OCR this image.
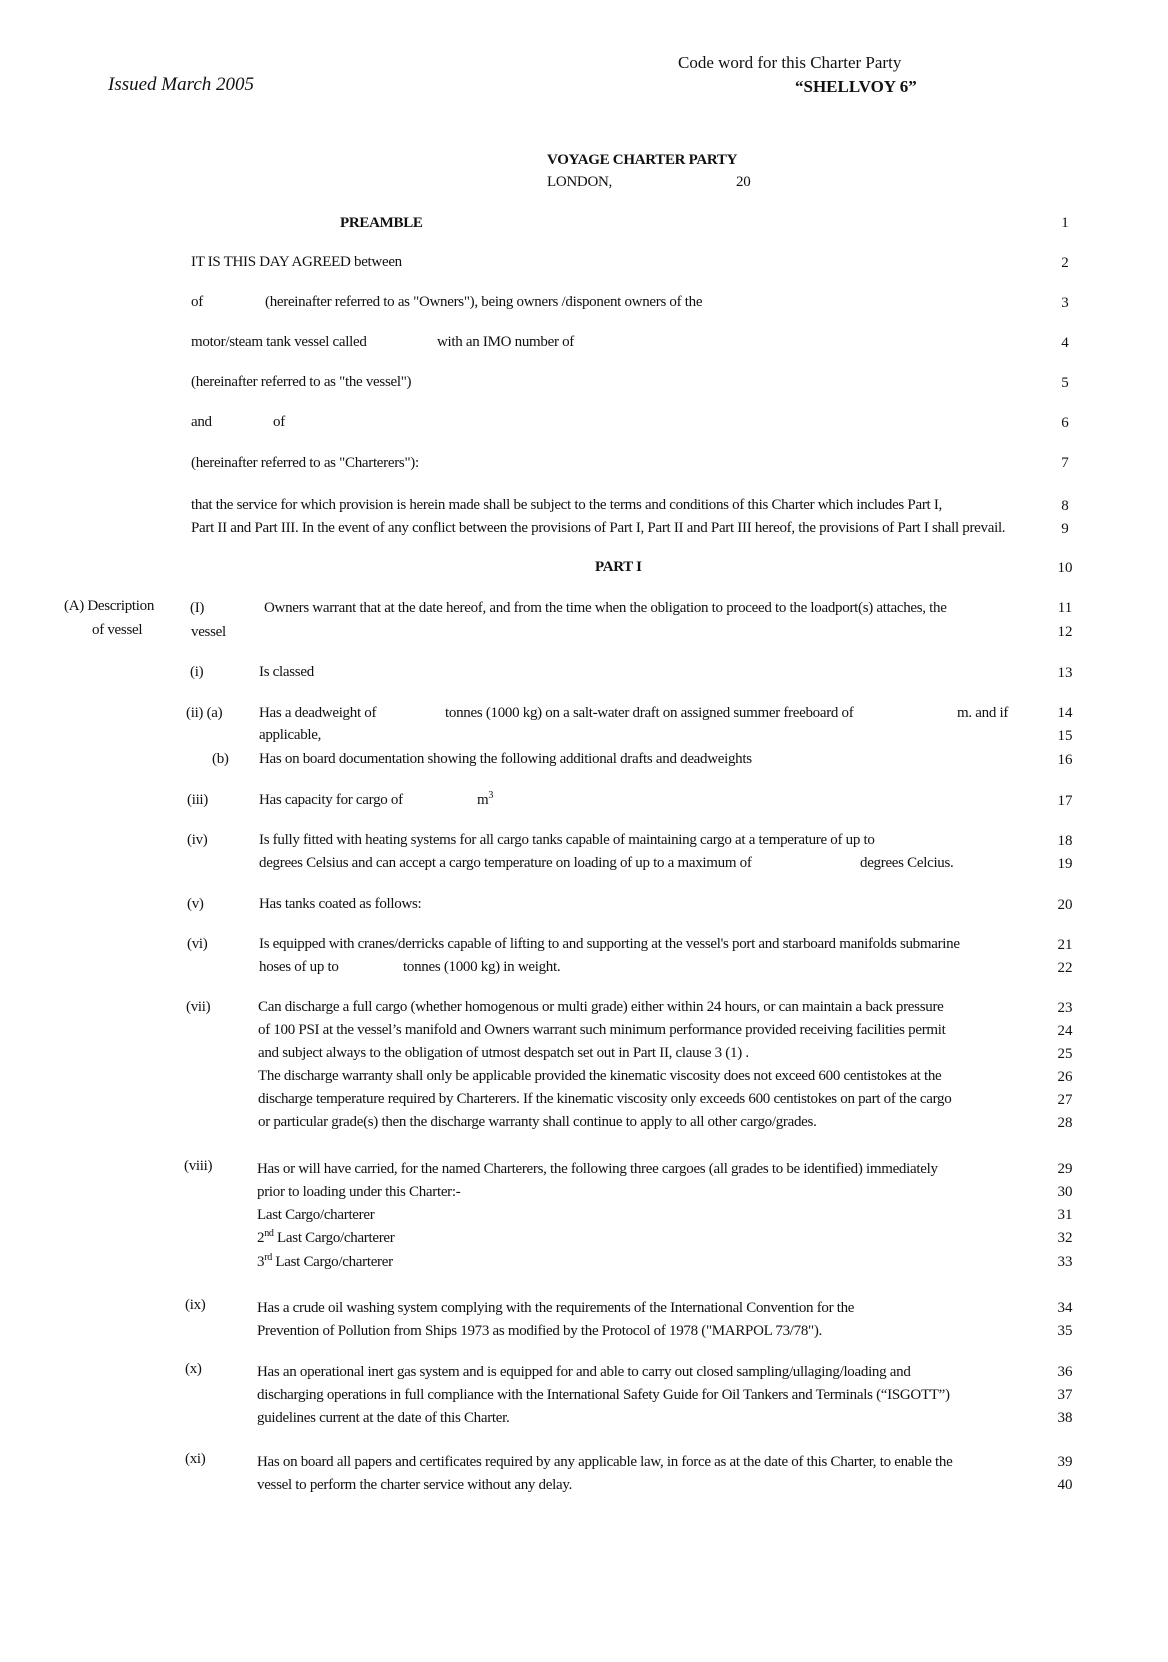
Issued March 2005
Code word for this Charter Party
“SHELLVOY 6”
VOYAGE CHARTER PARTY
LONDON,	20
PREAMBLE
IT IS THIS DAY AGREED between
of	(hereinafter referred to as "Owners"), being owners /disponent owners of the
motor/steam tank vessel called	with an IMO number of
(hereinafter referred to as "the vessel")
and	of
(hereinafter referred to as "Charterers"):
that the service for which provision is herein made shall be subject to the terms and conditions of this Charter which includes Part I,
Part II and Part III. In the event of any conflict between the provisions of Part I, Part II and Part III hereof, the provisions of Part I shall prevail.
PART I
(A) Description
of vessel
(I)	Owners warrant that at the date hereof, and from the time when the obligation to proceed to the loadport(s) attaches, the
vessel
(i)	Is classed
(ii) (a) Has a deadweight of	tonnes (1000 kg) on a salt-water draft on assigned summer freeboard of	m. and if
applicable,
(b) Has on board documentation showing the following additional drafts and deadweights
(iii)	Has capacity for cargo of	$m^3$
(iv)	Is fully fitted with heating systems for all cargo tanks capable of maintaining cargo at a temperature of up to
degrees Celsius and can accept a cargo temperature on loading of up to a maximum of	degrees Celcius.
(v)	Has tanks coated as follows:
(vi)	Is equipped with cranes/derricks capable of lifting to and supporting at the vessel's port and starboard manifolds submarine
hoses of up to	tonnes (1000 kg) in weight.
(vii)	Can discharge a full cargo (whether homogenous or multi grade) either within 24 hours, or can maintain a back pressure
of 100 PSI at the vessel’s manifold and Owners warrant such minimum performance provided receiving facilities permit
and subject always to the obligation of utmost despatch set out in Part II, clause 3 (1) .
The discharge warranty shall only be applicable provided the kinematic viscosity does not exceed 600 centistokes at the
discharge temperature required by Charterers. If the kinematic viscosity only exceeds 600 centistokes on part of the cargo
or particular grade(s) then the discharge warranty shall continue to apply to all other cargo/grades.
(viii)	Has or will have carried, for the named Charterers, the following three cargoes (all grades to be identified) immediately
prior to loading under this Charter:-
Last Cargo/charterer
2nd Last Cargo/charterer
3rd Last Cargo/charterer
(ix)	Has a crude oil washing system complying with the requirements of the International Convention for the
Prevention of Pollution from Ships 1973 as modified by the Protocol of 1978 ("MARPOL 73/78").
(x)	Has an operational inert gas system and is equipped for and able to carry out closed sampling/ullaging/loading and
discharging operations in full compliance with the International Safety Guide for Oil Tankers and Terminals (“ISGOTT”)
guidelines current at the date of this Charter.
(xi)	Has on board all papers and certificates required by any applicable law, in force as at the date of this Charter, to enable the
vessel to perform the charter service without any delay.
1
2
3
4
5
6
7
8
9
10
11
12
13
14
15
16
17
18
19
20
21
22
23
24
25
26
27
28
29
30
31
32
33
34
35
36
37
38
39
40
